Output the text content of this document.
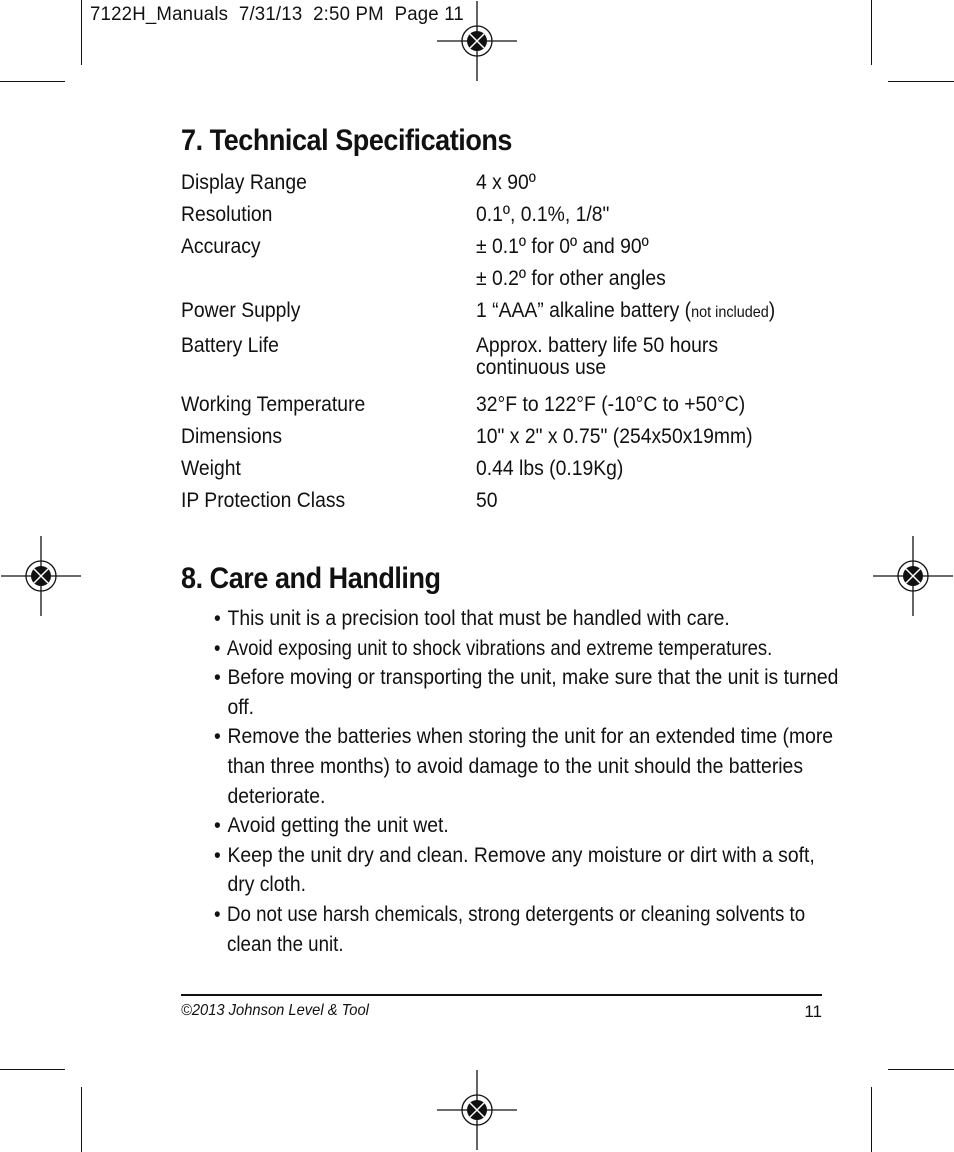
7122H_Manuals  7/31/13  2:50 PM  Page 11
7. Technical Specifications
Display Range	4 x 90º
Resolution	0.1º, 0.1%, 1/8"
Accuracy	± 0.1º for 0º and 90º
± 0.2º for other angles
Power Supply	1 “AAA” alkaline battery (not included)
Battery Life	Approx. battery life 50 hours continuous use
Working Temperature	32°F to 122°F (-10°C to +50°C)
Dimensions	10" x 2" x 0.75" (254x50x19mm)
Weight	0.44 lbs (0.19Kg)
IP Protection Class	50
8. Care and Handling
• This unit is a precision tool that must be handled with care.
• Avoid exposing unit to shock vibrations and extreme temperatures.
• Before moving or transporting the unit, make sure that the unit is turned off.
• Remove the batteries when storing the unit for an extended time (more than three months) to avoid damage to the unit should the batteries deteriorate.
• Avoid getting the unit wet.
• Keep the unit dry and clean. Remove any moisture or dirt with a soft, dry cloth.
• Do not use harsh chemicals, strong detergents or cleaning solvents to clean the unit.
©2013 Johnson Level & Tool	11
